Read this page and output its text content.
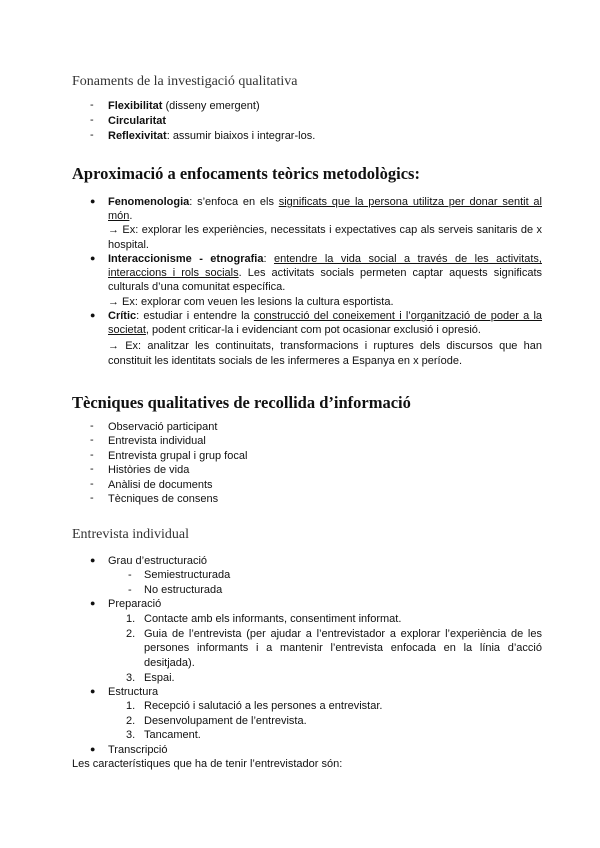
Fonaments de la investigació qualitativa
-	Flexibilitat (disseny emergent)
-	Circularitat
-	Reflexivitat: assumir biaixos i integrar-los.
Aproximació a enfocaments teòrics metodològics:
● Fenomenologia: s’enfoca en els significats que la persona utilitza per donar sentit al
món.
→ Ex: explorar les experiències, necessitats i expectatives cap als serveis sanitaris de x
hospital.
● Interaccionisme - etnografia: entendre la vida social a través de les activitats,
interaccions i rols socials. Les activitats socials permeten captar aquests significats
culturals d’una comunitat específica.
→ Ex: explorar com veuen les lesions la cultura esportista.
● Crític: estudiar i entendre la construcció del coneixement i l’organització de poder a la
societat, podent criticar-la i evidenciant com pot ocasionar exclusió i opresió.
→ Ex: analitzar les continuitats, transformacions i ruptures dels discursos que han
constituit les identitats socials de les infermeres a Espanya en x període.
Tècniques qualitatives de recollida d’informació
-	Observació participant
-	Entrevista individual
-	Entrevista grupal i grup focal
-	Històries de vida
-	Anàlisi de documents
-	Tècniques de consens
Entrevista individual
● Grau d’estructuració
- Semiestructurada
- No estructurada
● Preparació
1. Contacte amb els informants, consentiment informat.
2. Guia de l’entrevista (per ajudar a l’entrevistador a explorar l’experiència de les
persones informants i a mantenir l’entrevista enfocada en la línia d’acció
desitjada).
3. Espai.
● Estructura
1. Recepció i salutació a les persones a entrevistar.
2. Desenvolupament de l’entrevista.
3. Tancament.
● Transcripció
Les característiques que ha de tenir l’entrevistador són:
